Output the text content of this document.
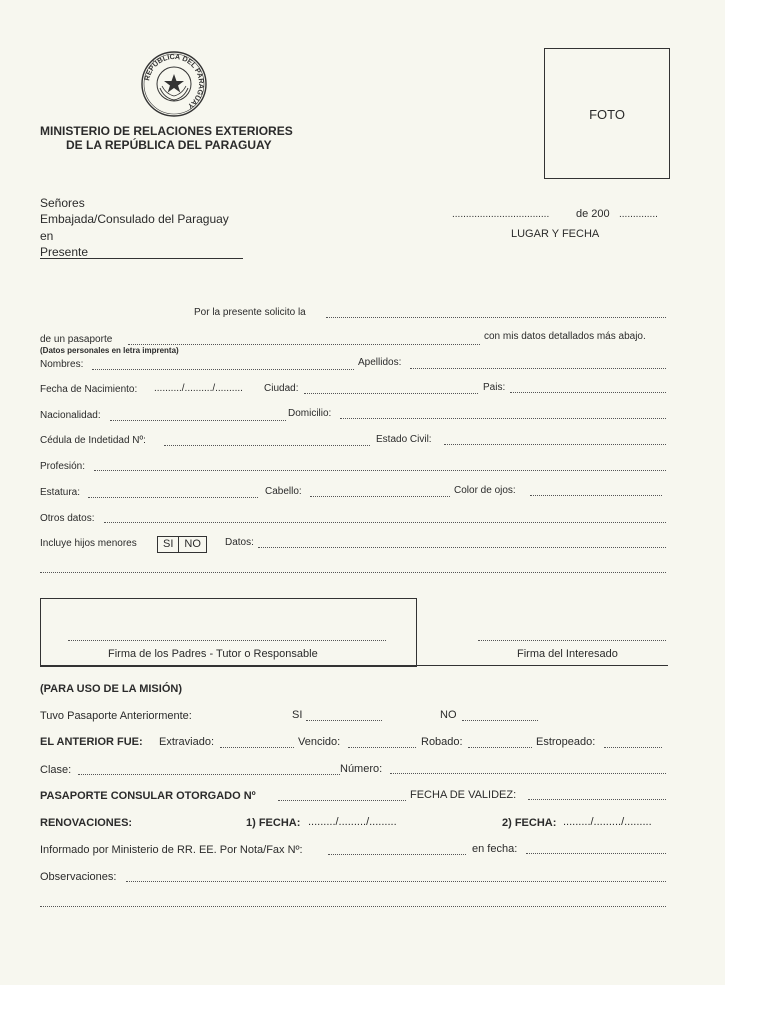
REPÚBLICA DEL PARAGUAY
MINISTERIO DE RELACIONES EXTERIORES
DE LA REPÚBLICA DEL PARAGUAY
FOTO
Señores
Embajada/Consulado del Paraguay
en
Presente
................................... de 200 ..............
LUGAR Y FECHA
Por la presente solicito la
de un pasaporte	con mis datos detallados más abajo.
(Datos personales en letra imprenta)
Nombres:	Apellidos:
Fecha de Nacimiento: ........../........../.......... Ciudad:	Pais:
Nacionalidad:	Domicilio:
Cédula de Indetidad Nº:	Estado Civil:
Profesión:
Estatura:	Cabello:	Color de ojos:
Otros datos:
Incluye hijos menores	SI	NO	Datos:
Firma de los Padres - Tutor o Responsable	Firma del Interesado
(PARA USO DE LA MISIÓN)
Tuvo Pasaporte Anteriormente:	SI	NO
EL ANTERIOR FUE: Extraviado:	Vencido:	Robado:	Estropeado:
Clase:	Número:
PASAPORTE CONSULAR OTORGADO Nº	FECHA DE VALIDEZ:
RENOVACIONES:	1) FECHA: ........./........./.........	2) FECHA: ........./........./.........
Informado por Ministerio de RR. EE. Por Nota/Fax Nº:	en fecha:
Observaciones:
